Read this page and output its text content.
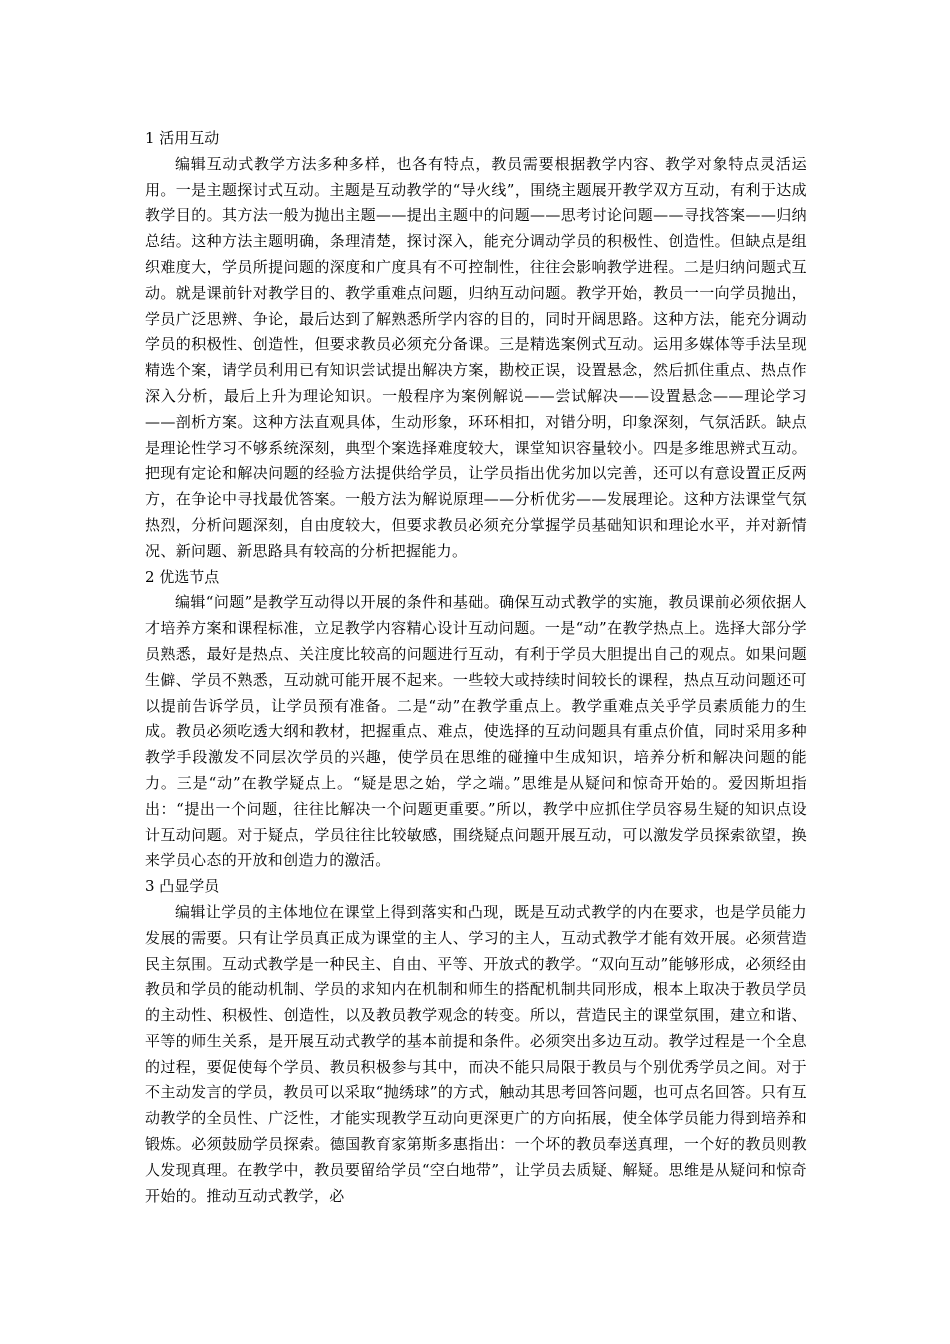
1 活用互动

编辑互动式教学方法多种多样，也各有特点，教员需要根据教学内容、教学对象特点灵活运用。一是主题探讨式互动。主题是互动教学的“导火线”，围绕主题展开教学双方互动，有利于达成教学目的。其方法一般为抛出主题——提出主题中的问题——思考讨论问题——寻找答案——归纳总结。这种方法主题明确，条理清楚，探讨深入，能充分调动学员的积极性、创造性。但缺点是组织难度大，学员所提问题的深度和广度具有不可控制性，往往会影响教学进程。二是归纳问题式互动。就是课前针对教学目的、教学重难点问题，归纳互动问题。教学开始，教员一一向学员抛出，学员广泛思辨、争论，最后达到了解熟悉所学内容的目的，同时开阔思路。这种方法，能充分调动学员的积极性、创造性，但要求教员必须充分备课。三是精选案例式互动。运用多媒体等手法呈现精选个案，请学员利用已有知识尝试提出解决方案，勘校正误，设置悬念，然后抓住重点、热点作深入分析，最后上升为理论知识。一般程序为案例解说——尝试解决——设置悬念——理论学习——剖析方案。这种方法直观具体，生动形象，环环相扣，对错分明，印象深刻，气氛活跃。缺点是理论性学习不够系统深刻，典型个案选择难度较大，课堂知识容量较小。四是多维思辨式互动。把现有定论和解决问题的经验方法提供给学员，让学员指出优劣加以完善，还可以有意设置正反两方，在争论中寻找最优答案。一般方法为解说原理——分析优劣——发展理论。这种方法课堂气氛热烈，分析问题深刻，自由度较大，但要求教员必须充分掌握学员基础知识和理论水平，并对新情况、新问题、新思路具有较高的分析把握能力。

2 优选节点

编辑“问题”是教学互动得以开展的条件和基础。确保互动式教学的实施，教员课前必须依据人才培养方案和课程标准，立足教学内容精心设计互动问题。一是“动”在教学热点上。选择大部分学员熟悉，最好是热点、关注度比较高的问题进行互动，有利于学员大胆提出自己的观点。如果问题生僻、学员不熟悉，互动就可能开展不起来。一些较大或持续时间较长的课程，热点互动问题还可以提前告诉学员，让学员预有准备。二是“动”在教学重点上。教学重难点关乎学员素质能力的生成。教员必须吃透大纲和教材，把握重点、难点，使选择的互动问题具有重点价值，同时采用多种教学手段激发不同层次学员的兴趣，使学员在思维的碰撞中生成知识，培养分析和解决问题的能力。三是“动”在教学疑点上。“疑是思之始，学之端。”思维是从疑问和惊奇开始的。爱因斯坦指出：“提出一个问题，往往比解决一个问题更重要。”所以，教学中应抓住学员容易生疑的知识点设计互动问题。对于疑点，学员往往比较敏感，围绕疑点问题开展互动，可以激发学员探索欲望，换来学员心态的开放和创造力的激活。

3 凸显学员

编辑让学员的主体地位在课堂上得到落实和凸现，既是互动式教学的内在要求，也是学员能力发展的需要。只有让学员真正成为课堂的主人、学习的主人，互动式教学才能有效开展。必须营造民主氛围。互动式教学是一种民主、自由、平等、开放式的教学。“双向互动”能够形成，必须经由教员和学员的能动机制、学员的求知内在机制和师生的搭配机制共同形成，根本上取决于教员学员的主动性、积极性、创造性，以及教员教学观念的转变。所以，营造民主的课堂氛围，建立和谐、平等的师生关系，是开展互动式教学的基本前提和条件。必须突出多边互动。教学过程是一个全息的过程，要促使每个学员、教员积极参与其中，而决不能只局限于教员与个别优秀学员之间。对于不主动发言的学员，教员可以采取“抛绣球”的方式，触动其思考回答问题，也可点名回答。只有互动教学的全员性、广泛性，才能实现教学互动向更深更广的方向拓展，使全体学员能力得到培养和锻炼。必须鼓励学员探索。德国教育家第斯多惠指出：一个坏的教员奉送真理，一个好的教员则教人发现真理。在教学中，教员要留给学员“空白地带”，让学员去质疑、解疑。思维是从疑问和惊奇开始的。推动互动式教学，必
